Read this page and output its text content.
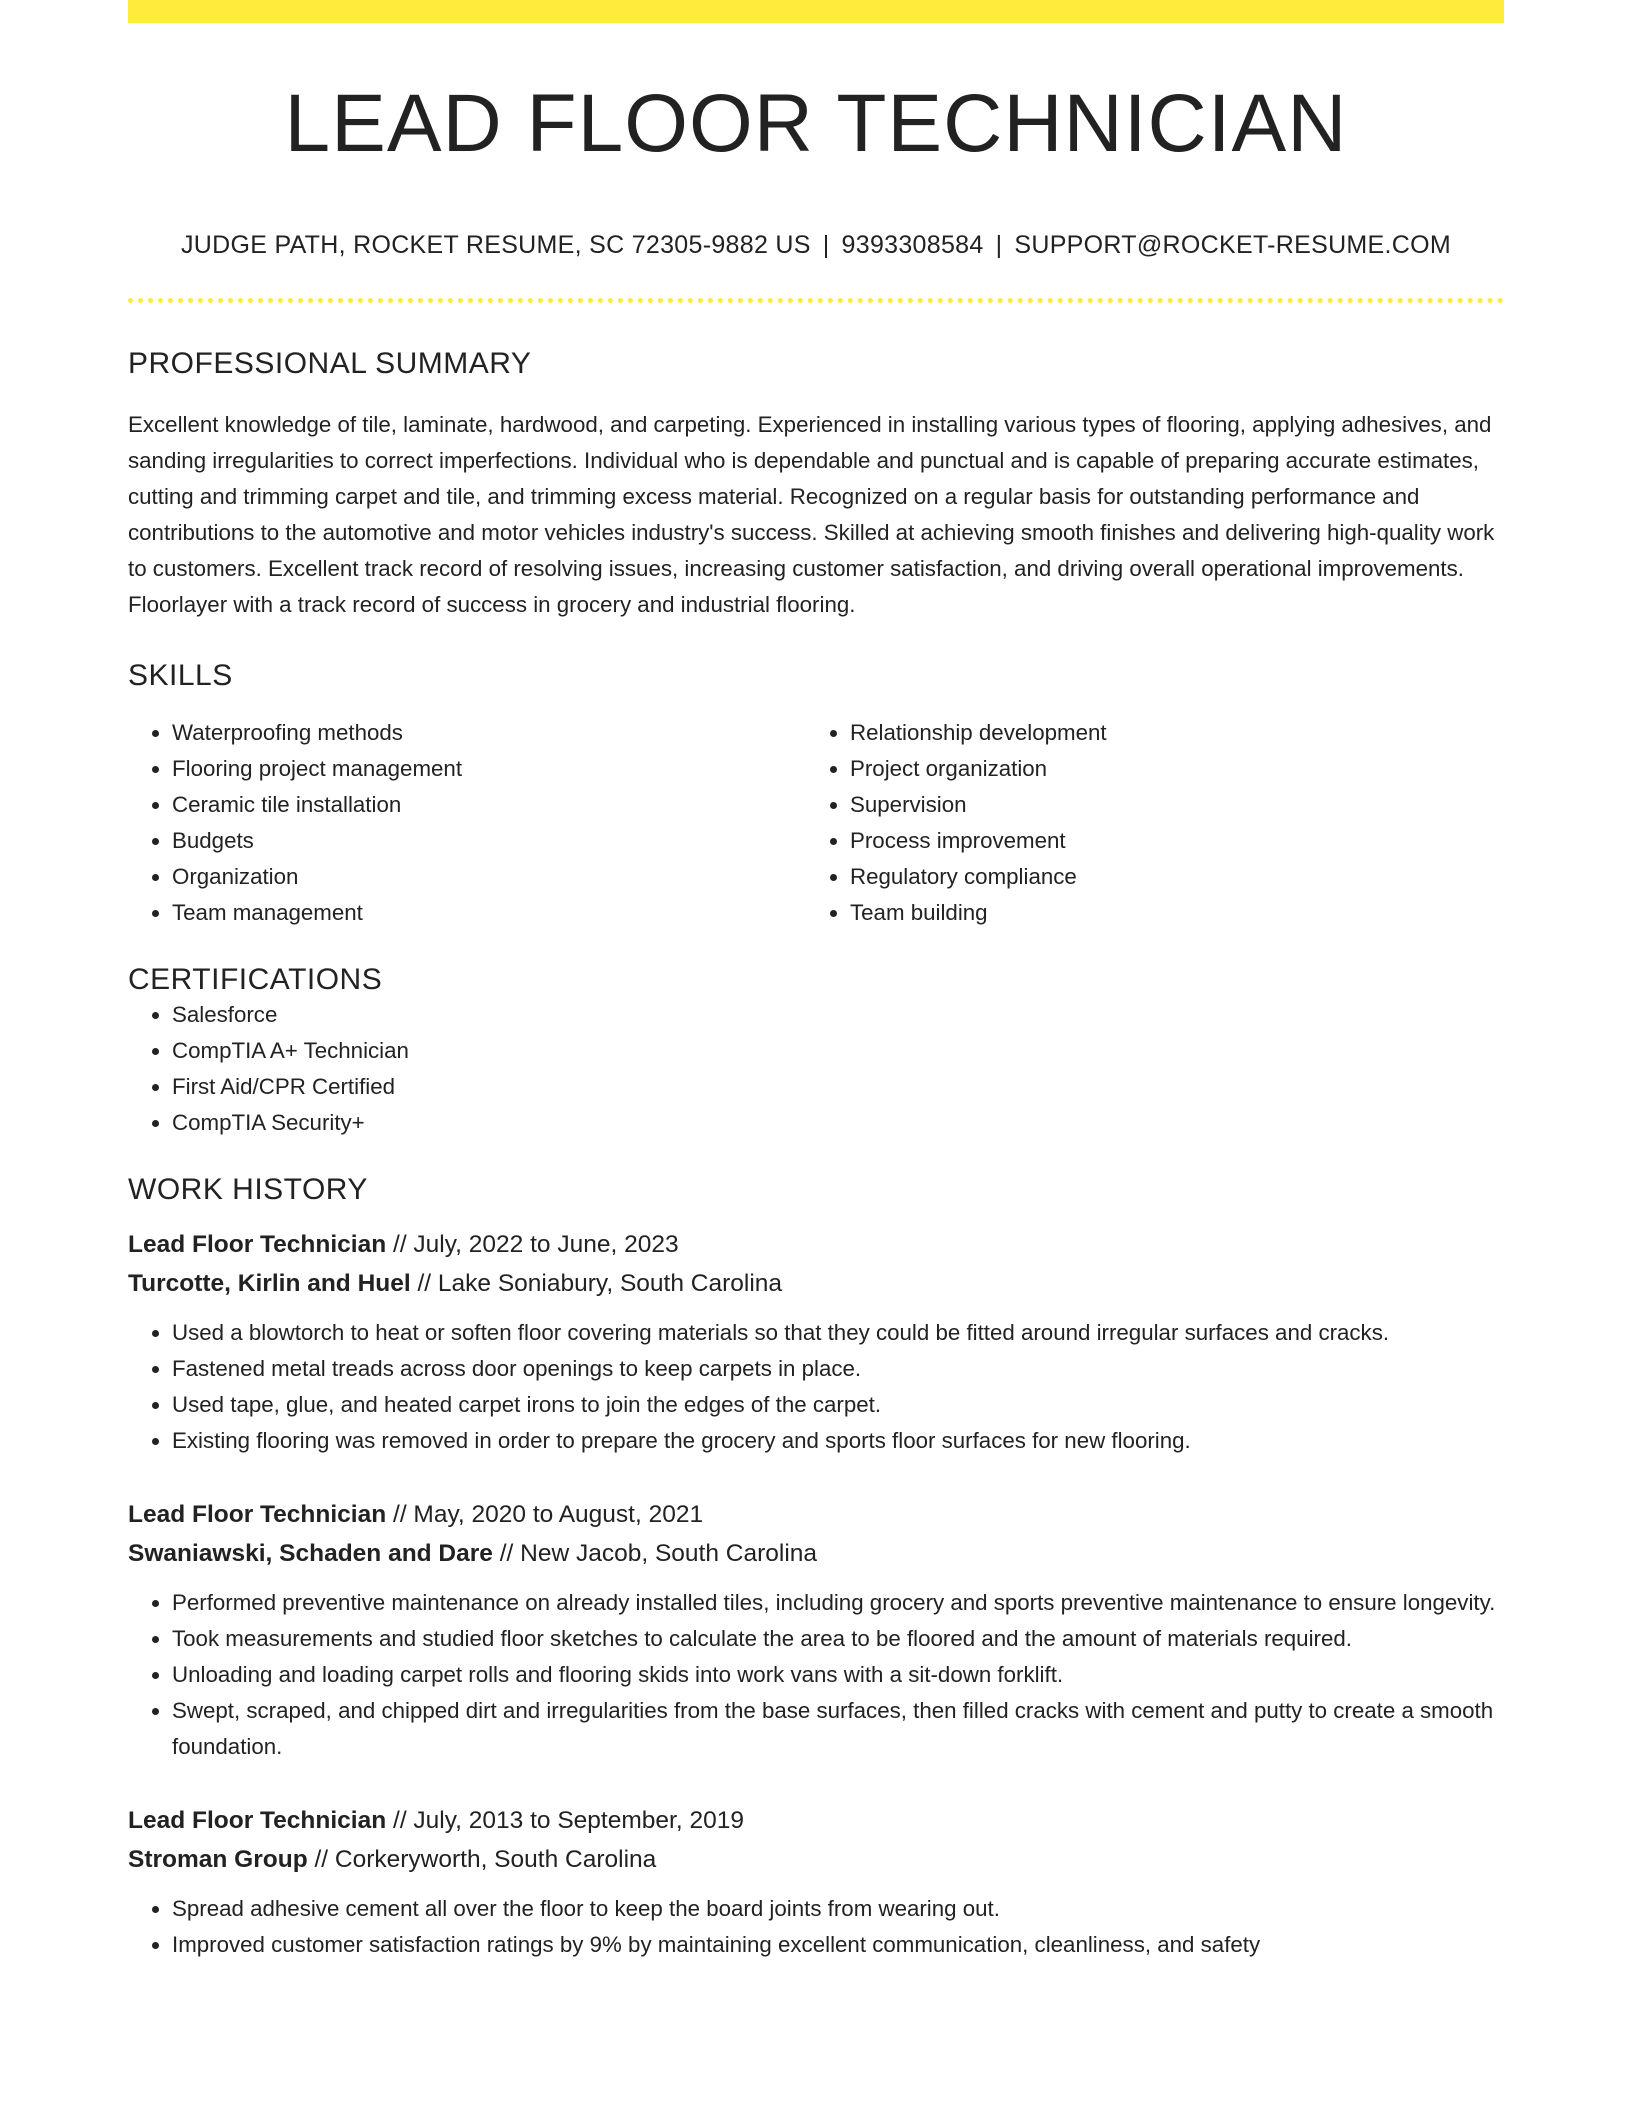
LEAD FLOOR TECHNICIAN
JUDGE PATH, ROCKET RESUME, SC 72305-9882 US | 9393308584 | SUPPORT@ROCKET-RESUME.COM
PROFESSIONAL SUMMARY

Excellent knowledge of tile, laminate, hardwood, and carpeting. Experienced in installing various types of flooring, applying adhesives, and sanding irregularities to correct imperfections. Individual who is dependable and punctual and is capable of preparing accurate estimates, cutting and trimming carpet and tile, and trimming excess material. Recognized on a regular basis for outstanding performance and contributions to the automotive and motor vehicles industry's success. Skilled at achieving smooth finishes and delivering high-quality work to customers. Excellent track record of resolving issues, increasing customer satisfaction, and driving overall operational improvements. Floorlayer with a track record of success in grocery and industrial flooring.

SKILLS
• Waterproofing methods
• Flooring project management
• Ceramic tile installation
• Budgets
• Organization
• Team management
• Relationship development
• Project organization
• Supervision
• Process improvement
• Regulatory compliance
• Team building
CERTIFICATIONS
• Salesforce
• CompTIA A+ Technician
• First Aid/CPR Certified
• CompTIA Security+
WORK HISTORY
Lead Floor Technician // July, 2022 to June, 2023
Turcotte, Kirlin and Huel // Lake Soniabury, South Carolina
• Used a blowtorch to heat or soften floor covering materials so that they could be fitted around irregular surfaces and cracks.
• Fastened metal treads across door openings to keep carpets in place.
• Used tape, glue, and heated carpet irons to join the edges of the carpet.
• Existing flooring was removed in order to prepare the grocery and sports floor surfaces for new flooring.
Lead Floor Technician // May, 2020 to August, 2021
Swaniawski, Schaden and Dare // New Jacob, South Carolina
• Performed preventive maintenance on already installed tiles, including grocery and sports preventive maintenance to ensure longevity.
• Took measurements and studied floor sketches to calculate the area to be floored and the amount of materials required.
• Unloading and loading carpet rolls and flooring skids into work vans with a sit-down forklift.
• Swept, scraped, and chipped dirt and irregularities from the base surfaces, then filled cracks with cement and putty to create a smooth foundation.
Lead Floor Technician // July, 2013 to September, 2019
Stroman Group // Corkeryworth, South Carolina
• Spread adhesive cement all over the floor to keep the board joints from wearing out.
• Improved customer satisfaction ratings by 9% by maintaining excellent communication, cleanliness, and safety
